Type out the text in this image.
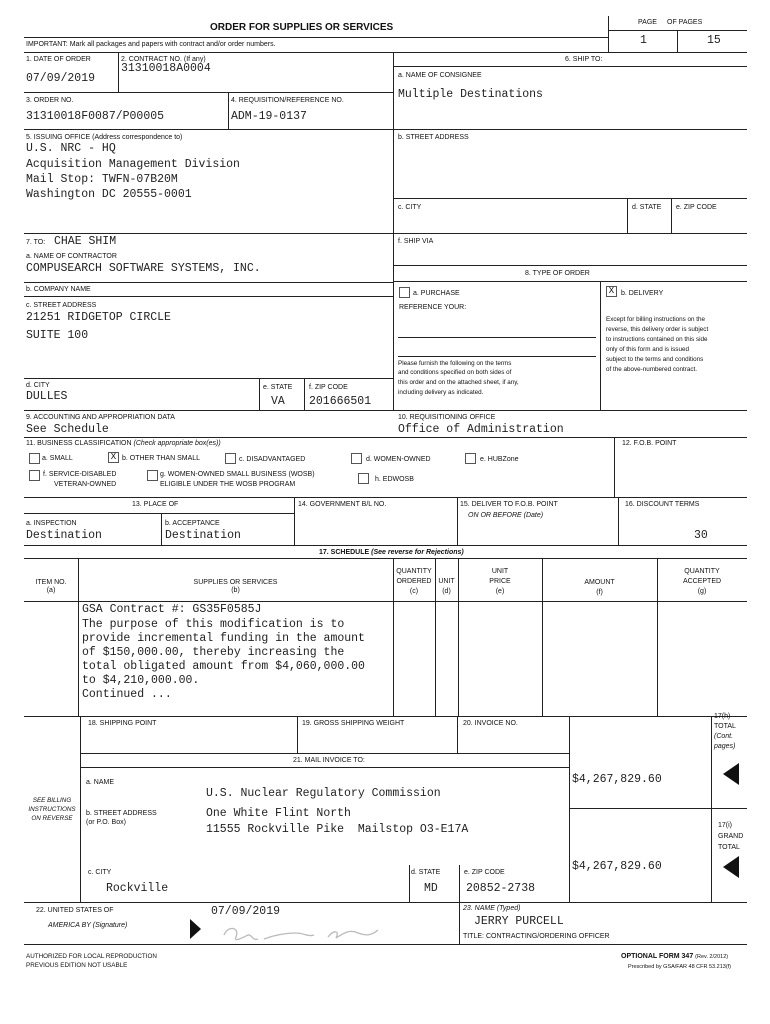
ORDER FOR SUPPLIES OR SERVICES
IMPORTANT: Mark all packages and papers with contract and/or order numbers.
PAGE OF PAGES
1	15
1. DATE OF ORDER
07/09/2019
2. CONTRACT NO. (If any)
31310018A0004
3. ORDER NO.
31310018F0087/P00005
4. REQUISITION/REFERENCE NO.
ADM-19-0137
5. ISSUING OFFICE (Address correspondence to)
U.S. NRC - HQ
Acquisition Management Division
Mail Stop: TWFN-07B20M
Washington DC 20555-0001
6. SHIP TO:
a. NAME OF CONSIGNEE
Multiple Destinations
b. STREET ADDRESS
c. CITY	d. STATE e. ZIP CODE
f. SHIP VIA
7. TO: CHAE SHIM
a. NAME OF CONTRACTOR
COMPUSEARCH SOFTWARE SYSTEMS, INC.
b. COMPANY NAME
c. STREET ADDRESS
21251 RIDGETOP CIRCLE
SUITE 100
d. CITY
DULLES
e. STATE
VA
f. ZIP CODE
201666501
8. TYPE OF ORDER
a. PURCHASE
REFERENCE YOUR:
X b. DELIVERY
Except for billing instructions on the
reverse, this delivery order is subject
to instructions contained on this side
only of this form and is issued
subject to the terms and conditions
of the above-numbered contract.
Please furnish the following on the terms
and conditions specified on both sides of
this order and on the attached sheet, if any,
including delivery as indicated.
9. ACCOUNTING AND APPROPRIATION DATA
See Schedule
10. REQUISITIONING OFFICE
Office of Administration
11. BUSINESS CLASSIFICATION (Check appropriate box(es))
a. SMALL	X b. OTHER THAN SMALL	c. DISADVANTAGED	d. WOMEN-OWNED	e. HUBZone
f. SERVICE-DISABLED
VETERAN-OWNED
g. WOMEN-OWNED SMALL BUSINESS (WOSB)
ELIGIBLE UNDER THE WOSB PROGRAM
h. EDWOSB
12. F.O.B. POINT
13. PLACE OF
a. INSPECTION
Destination
b. ACCEPTANCE
Destination
14. GOVERNMENT B/L NO.	15. DELIVER TO F.O.B. POINT
ON OR BEFORE (Date)
16. DISCOUNT TERMS
30
17. SCHEDULE (See reverse for Rejections)
ITEM NO.
(a)
SUPPLIES OR SERVICES
(b)
QUANTITY
ORDERED
(c)
UNIT
(d)
UNIT
PRICE
(e)
AMOUNT
(f)
QUANTITY
ACCEPTED
(g)
GSA Contract #: GS35F0585J
The purpose of this modification is to
provide incremental funding in the amount
of $150,000.00, thereby increasing the
total obligated amount from $4,060,000.00
to $4,210,000.00.
Continued ...
18. SHIPPING POINT	19. GROSS SHIPPING WEIGHT	20. INVOICE NO.
21. MAIL INVOICE TO:
a. NAME
U.S. Nuclear Regulatory Commission
b. STREET ADDRESS
(or P.O. Box)
One White Flint North
11555 Rockville Pike  Mailstop O3-E17A
c. CITY
Rockville
d. STATE
MD
e. ZIP CODE
20852-2738
SEE BILLING
INSTRUCTIONS
ON REVERSE
$4,267,829.60
$4,267,829.60
17(h)
TOTAL
(Cont.
pages)
17(i)
GRAND
TOTAL
22. UNITED STATES OF
AMERICA BY (Signature)
07/09/2019	23. NAME (Typed)
JERRY PURCELL
TITLE: CONTRACTING/ORDERING OFFICER
AUTHORIZED FOR LOCAL REPRODUCTION
PREVIOUS EDITION NOT USABLE
OPTIONAL FORM 347 (Rev. 2/2012)
Prescribed by GSA/FAR 48 CFR 53.213(f)
